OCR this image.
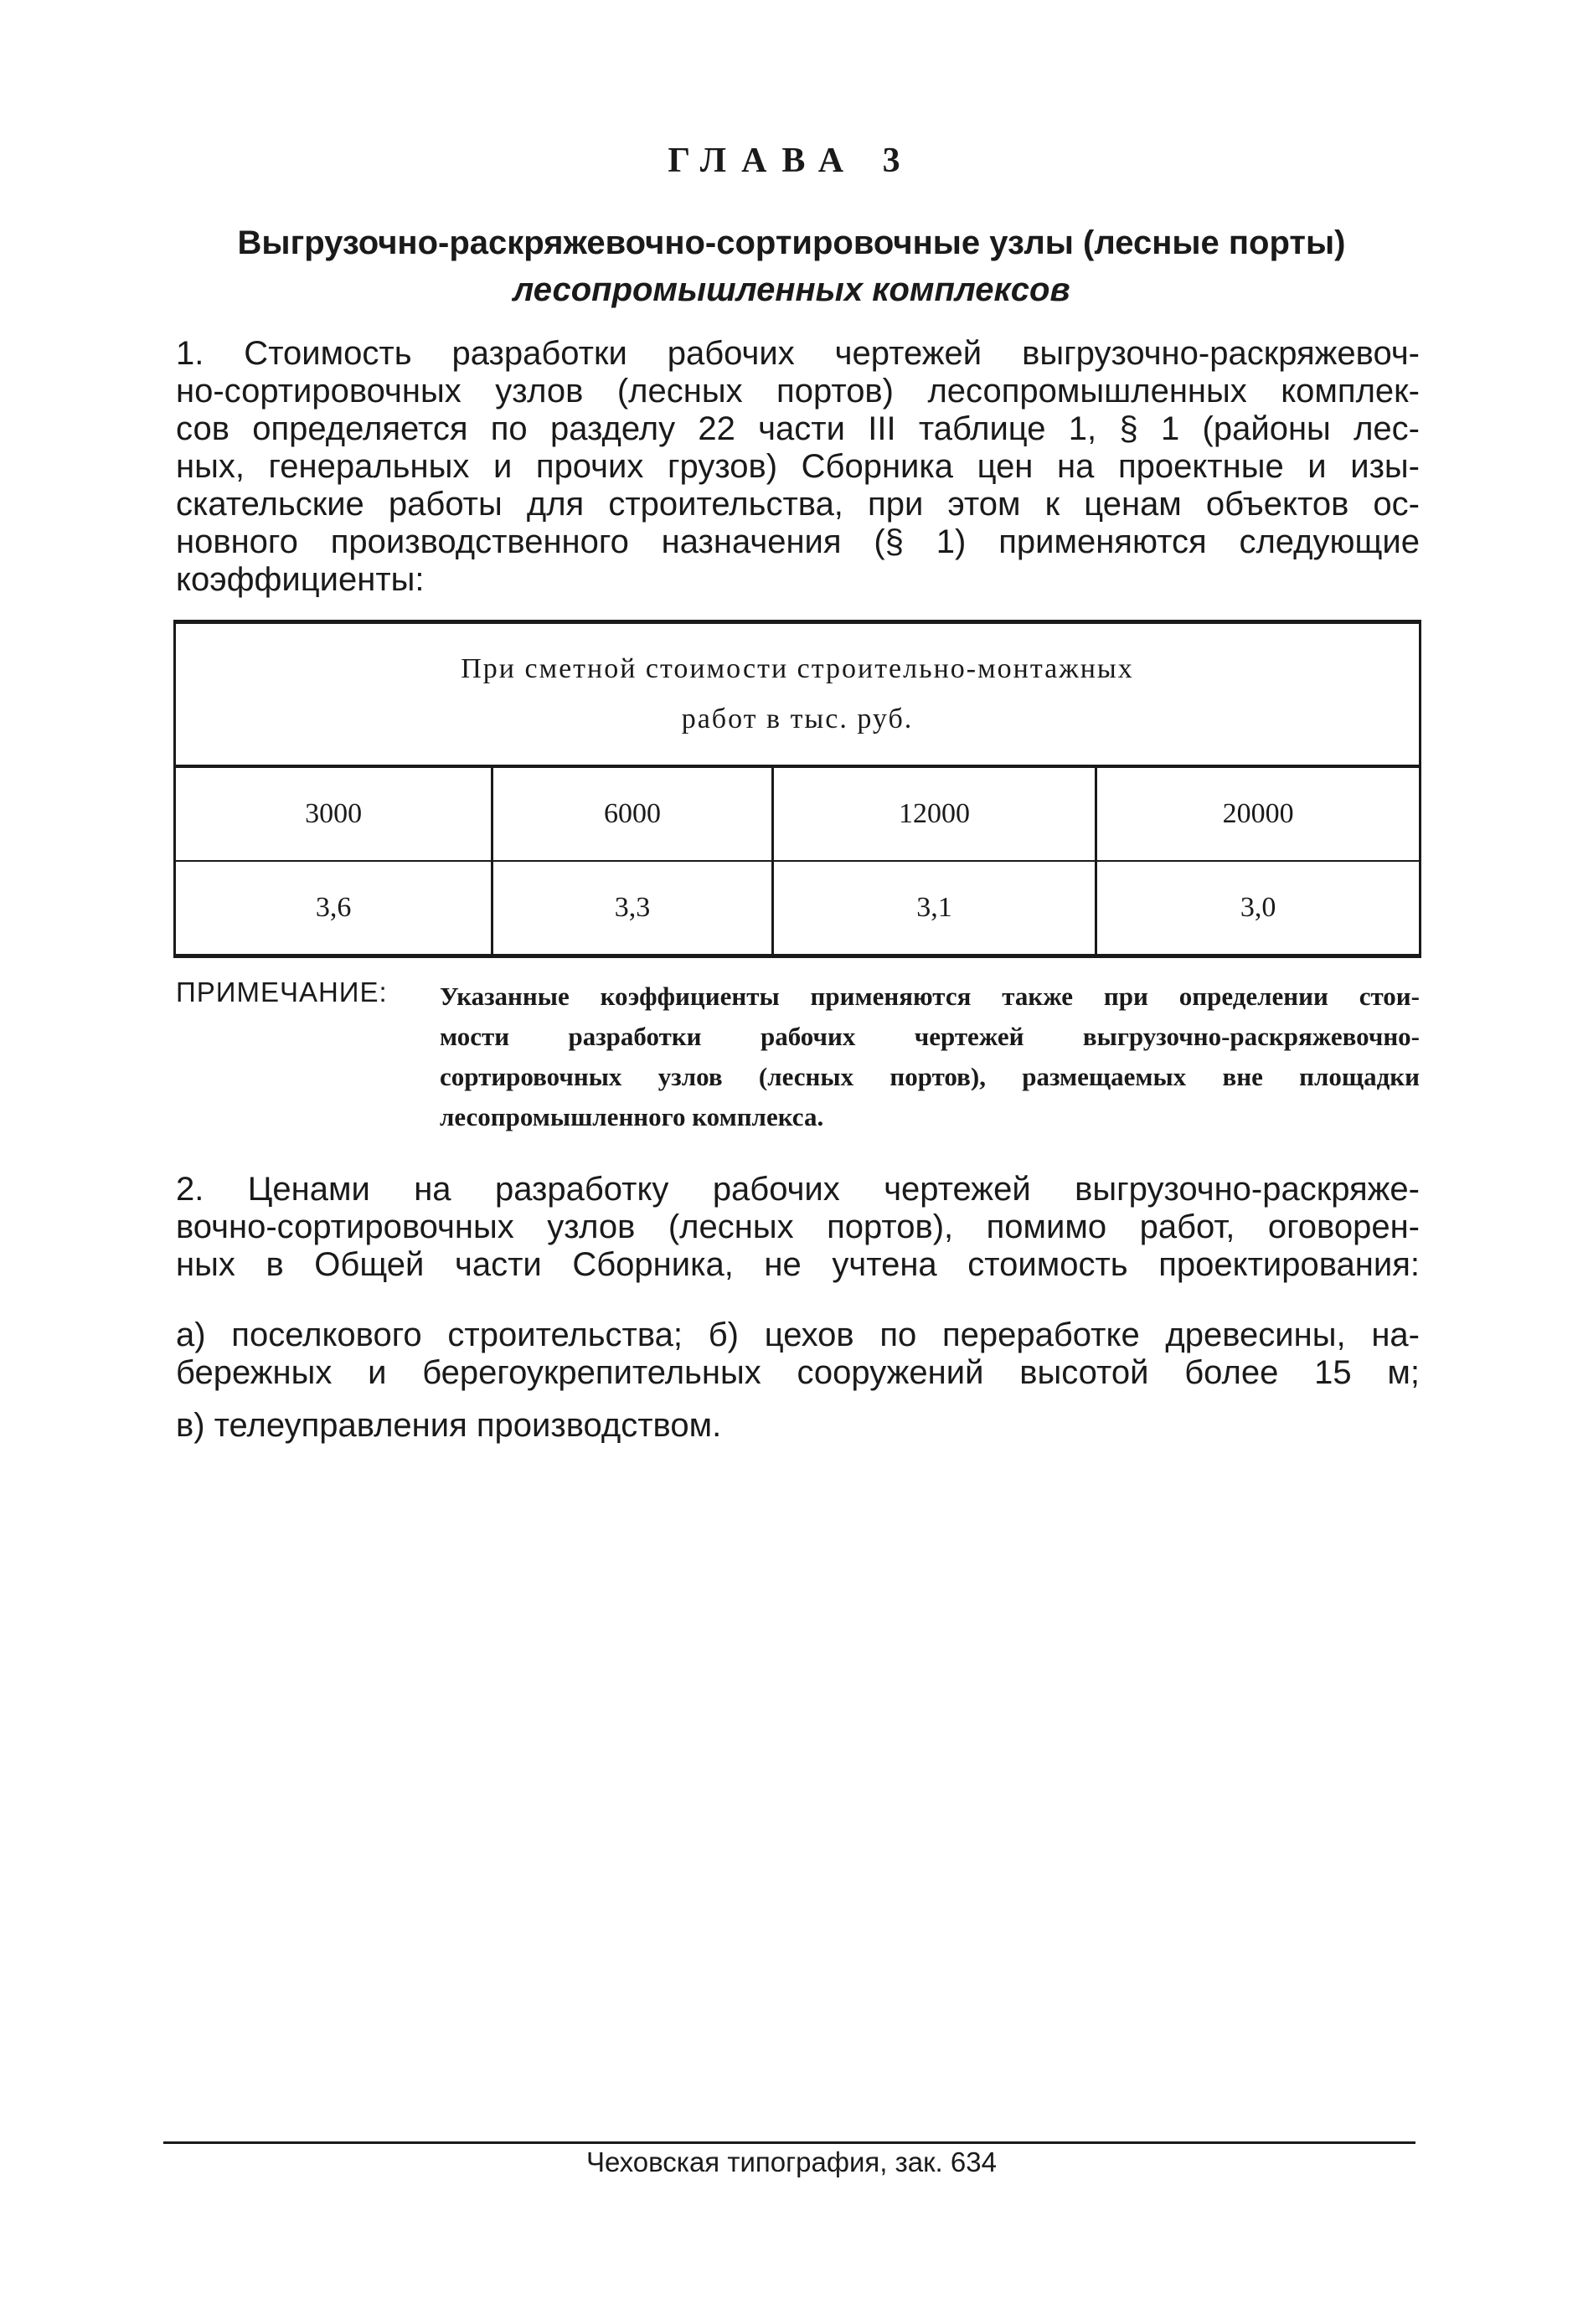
ГЛАВА 3
Выгрузочно-раскряжевочно-сортировочные узлы (лесные порты)
лесопромышленных комплексов
1. Стоимость разработки рабочих чертежей выгрузочно-раскряжевоч-
но-сортировочных узлов (лесных портов) лесопромышленных комплек-
сов определяется по разделу 22 части III таблице 1, § 1 (районы лес-
ных, генеральных и прочих грузов) Сборника цен на проектные и изы-
скательские работы для строительства, при этом к ценам объектов ос-
новного производственного назначения (§ 1) применяются следующие
коэффициенты:
При сметной стоимости строительно-монтажных
работ в тыс. руб.			

3000	6000	12000	20000
3,6	3,3	3,1	3,0
ПРИМЕЧАНИЕ: Указанные коэффициенты применяются также при определении стои-
мости разработки рабочих чертежей выгрузочно-раскряжевочно-
сортировочных узлов (лесных портов), размещаемых вне площадки
лесопромышленного комплекса.
2. Ценами на разработку рабочих чертежей выгрузочно-раскряже-
вочно-сортировочных узлов (лесных портов), помимо работ, оговорен-
ных в Общей части Сборника, не учтена стоимость проектирования:
а) поселкового строительства; б) цехов по переработке древесины, на-
бережных и берегоукрепительных сооружений высотой более 15 м;
в) телеуправления производством.
Чеховская типография, зак. 634
